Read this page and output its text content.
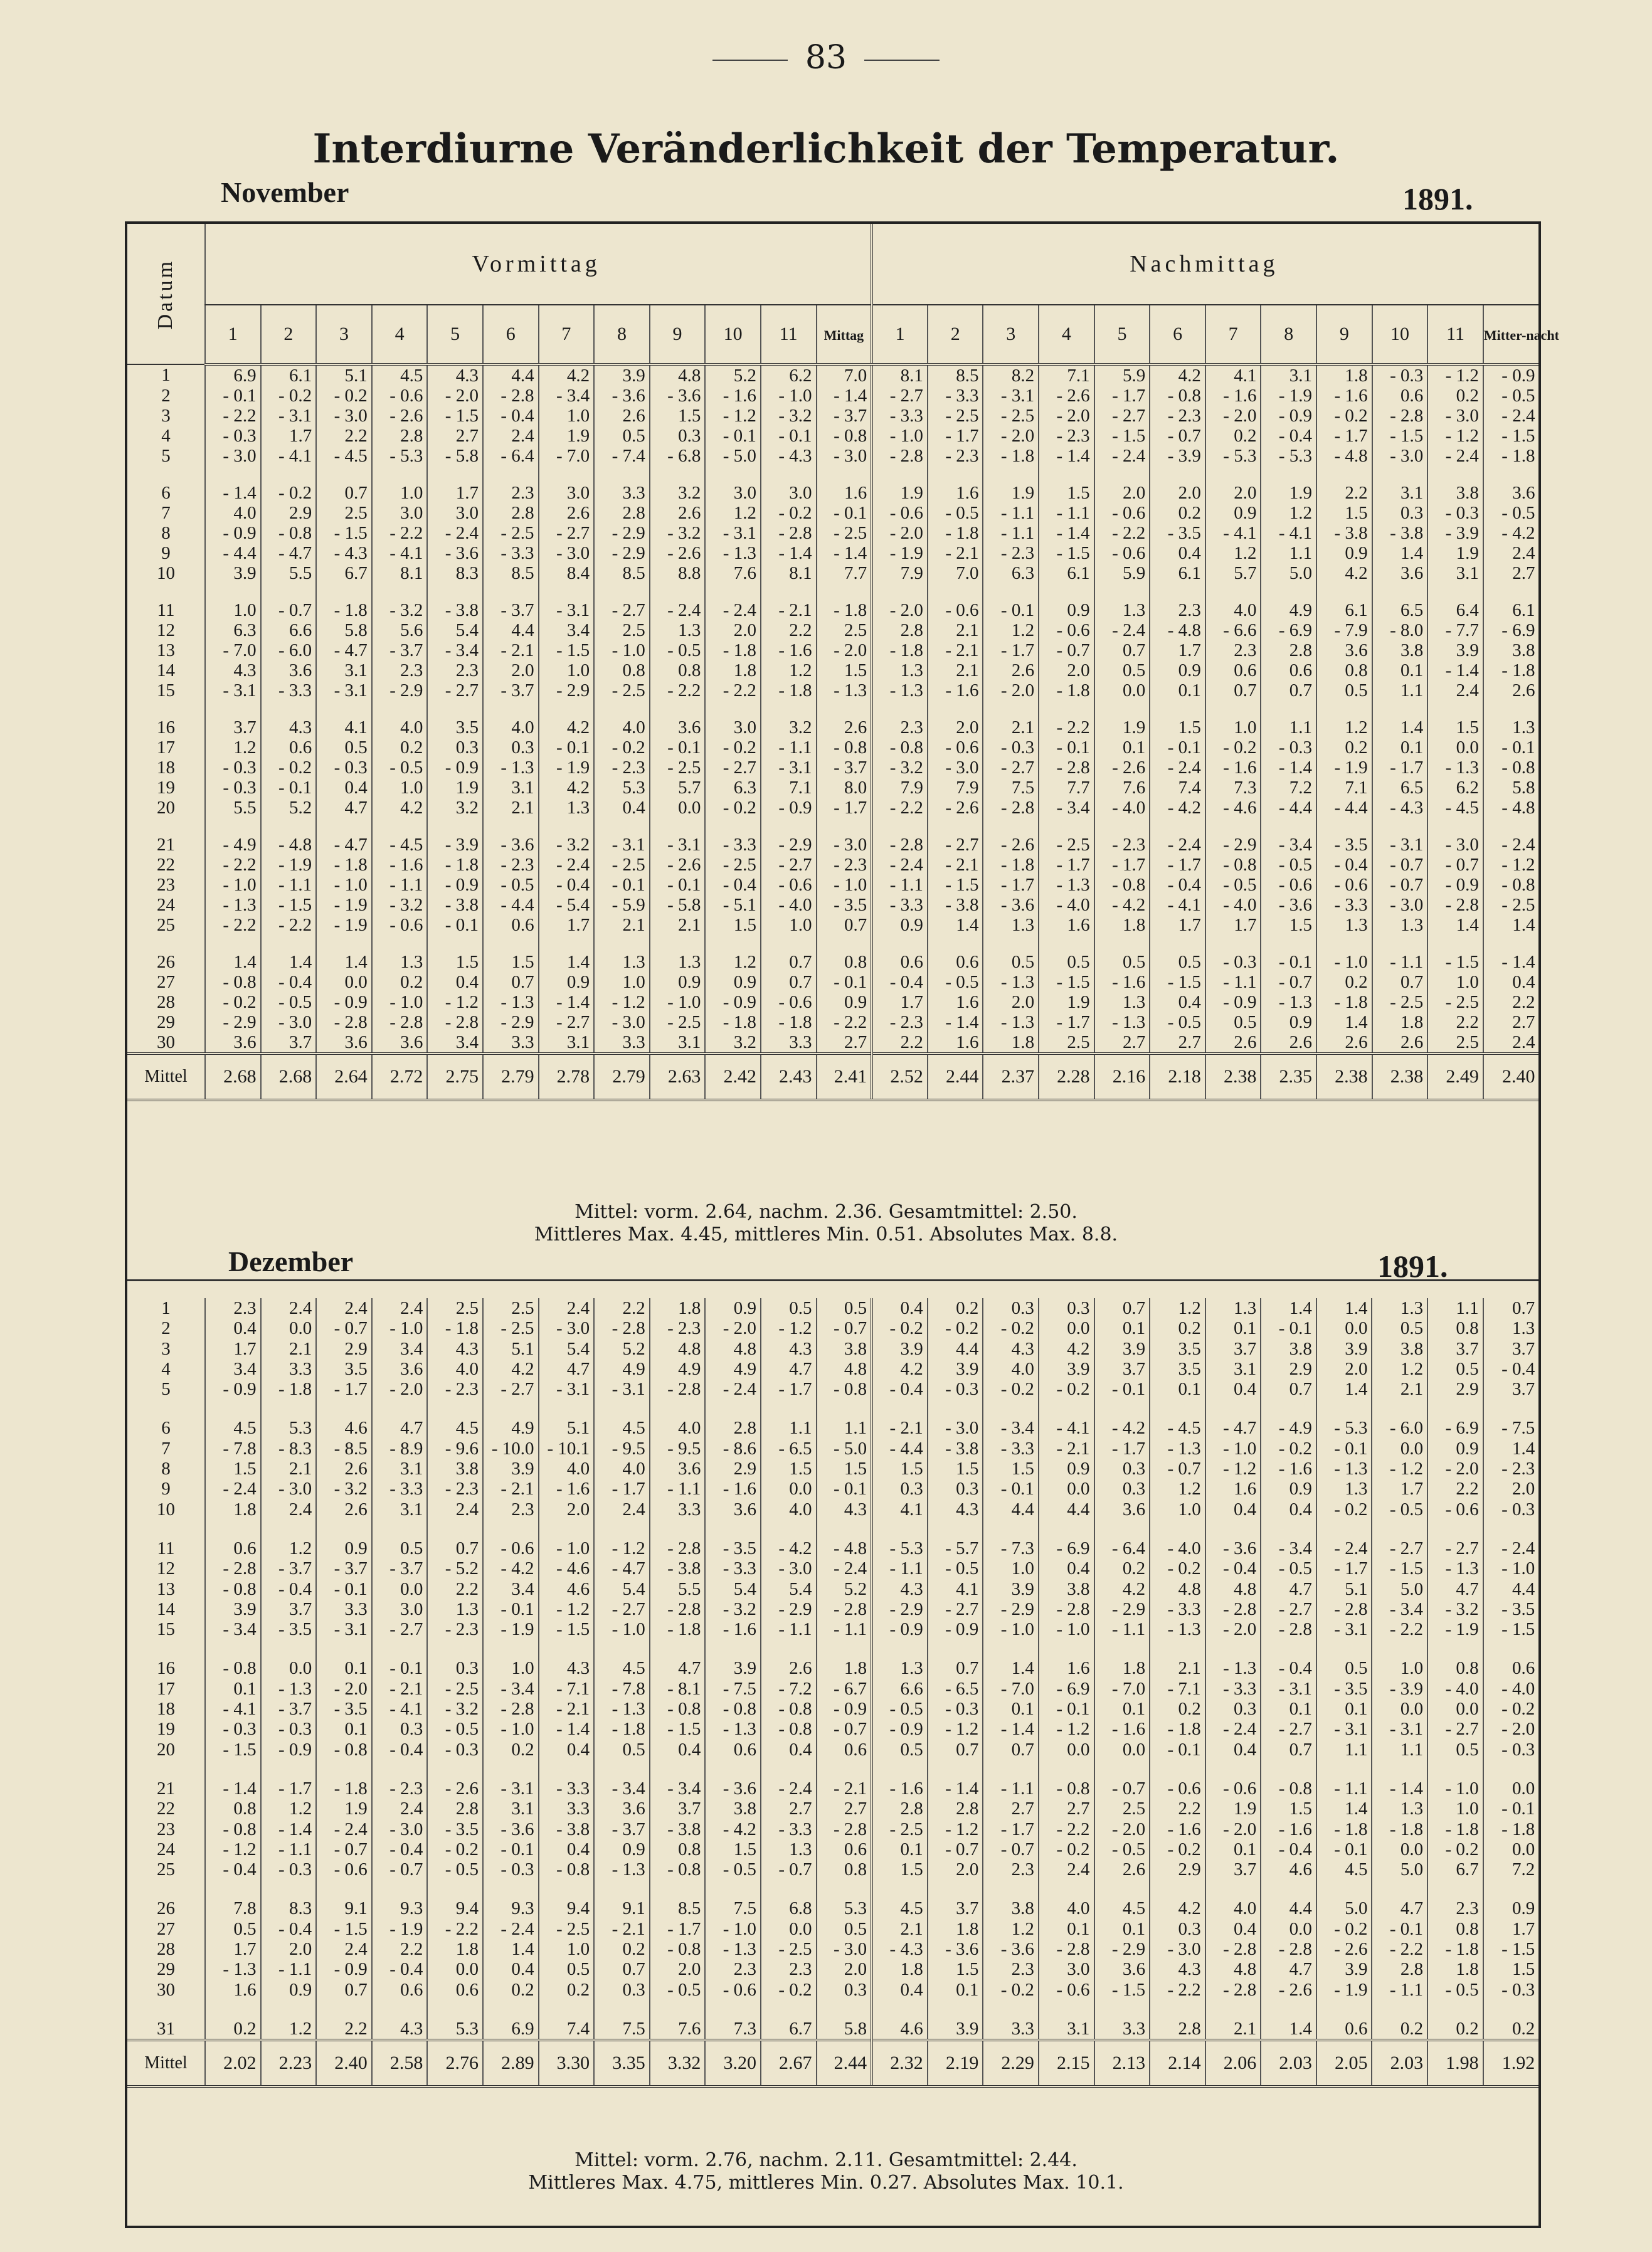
83
Interdiurne Veränderlichkeit der Temperatur.
November	1891.
Datum	Vormittag												Nachmittag											
	1	2	3	4	5	6	7	8	9	10	11	Mittag	1	2	3	4	5	6	7	8	9	10	11	Mitter-nacht
1	6.9	6.1	5.1	4.5	4.3	4.4	4.2	3.9	4.8	5.2	6.2	7.0	8.1	8.5	8.2	7.1	5.9	4.2	4.1	3.1	1.8	- 0.3	- 1.2	- 0.9
2	- 0.1	- 0.2	- 0.2	- 0.6	- 2.0	- 2.8	- 3.4	- 3.6	- 3.6	- 1.6	- 1.0	- 1.4	- 2.7	- 3.3	- 3.1	- 2.6	- 1.7	- 0.8	- 1.6	- 1.9	- 1.6	0.6	0.2	- 0.5
3	- 2.2	- 3.1	- 3.0	- 2.6	- 1.5	- 0.4	1.0	2.6	1.5	- 1.2	- 3.2	- 3.7	- 3.3	- 2.5	- 2.5	- 2.0	- 2.7	- 2.3	- 2.0	- 0.9	- 0.2	- 2.8	- 3.0	- 2.4
4	- 0.3	1.7	2.2	2.8	2.7	2.4	1.9	0.5	0.3	- 0.1	- 0.1	- 0.8	- 1.0	- 1.7	- 2.0	- 2.3	- 1.5	- 0.7	0.2	- 0.4	- 1.7	- 1.5	- 1.2	- 1.5
5	- 3.0	- 4.1	- 4.5	- 5.3	- 5.8	- 6.4	- 7.0	- 7.4	- 6.8	- 5.0	- 4.3	- 3.0	- 2.8	- 2.3	- 1.8	- 1.4	- 2.4	- 3.9	- 5.3	- 5.3	- 4.8	- 3.0	- 2.4	- 1.8

6	- 1.4	- 0.2	0.7	1.0	1.7	2.3	3.0	3.3	3.2	3.0	3.0	1.6	1.9	1.6	1.9	1.5	2.0	2.0	2.0	1.9	2.2	3.1	3.8	3.6
7	4.0	2.9	2.5	3.0	3.0	2.8	2.6	2.8	2.6	1.2	- 0.2	- 0.1	- 0.6	- 0.5	- 1.1	- 1.1	- 0.6	0.2	0.9	1.2	1.5	0.3	- 0.3	- 0.5
8	- 0.9	- 0.8	- 1.5	- 2.2	- 2.4	- 2.5	- 2.7	- 2.9	- 3.2	- 3.1	- 2.8	- 2.5	- 2.0	- 1.8	- 1.1	- 1.4	- 2.2	- 3.5	- 4.1	- 4.1	- 3.8	- 3.8	- 3.9	- 4.2
9	- 4.4	- 4.7	- 4.3	- 4.1	- 3.6	- 3.3	- 3.0	- 2.9	- 2.6	- 1.3	- 1.4	- 1.4	- 1.9	- 2.1	- 2.3	- 1.5	- 0.6	0.4	1.2	1.1	0.9	1.4	1.9	2.4
10	3.9	5.5	6.7	8.1	8.3	8.5	8.4	8.5	8.8	7.6	8.1	7.7	7.9	7.0	6.3	6.1	5.9	6.1	5.7	5.0	4.2	3.6	3.1	2.7

11	1.0	- 0.7	- 1.8	- 3.2	- 3.8	- 3.7	- 3.1	- 2.7	- 2.4	- 2.4	- 2.1	- 1.8	- 2.0	- 0.6	- 0.1	0.9	1.3	2.3	4.0	4.9	6.1	6.5	6.4	6.1
12	6.3	6.6	5.8	5.6	5.4	4.4	3.4	2.5	1.3	2.0	2.2	2.5	2.8	2.1	1.2	- 0.6	- 2.4	- 4.8	- 6.6	- 6.9	- 7.9	- 8.0	- 7.7	- 6.9
13	- 7.0	- 6.0	- 4.7	- 3.7	- 3.4	- 2.1	- 1.5	- 1.0	- 0.5	- 1.8	- 1.6	- 2.0	- 1.8	- 2.1	- 1.7	- 0.7	0.7	1.7	2.3	2.8	3.6	3.8	3.9	3.8
14	4.3	3.6	3.1	2.3	2.3	2.0	1.0	0.8	0.8	1.8	1.2	1.5	1.3	2.1	2.6	2.0	0.5	0.9	0.6	0.6	0.8	0.1	- 1.4	- 1.8
15	- 3.1	- 3.3	- 3.1	- 2.9	- 2.7	- 3.7	- 2.9	- 2.5	- 2.2	- 2.2	- 1.8	- 1.3	- 1.3	- 1.6	- 2.0	- 1.8	0.0	0.1	0.7	0.7	0.5	1.1	2.4	2.6

16	3.7	4.3	4.1	4.0	3.5	4.0	4.2	4.0	3.6	3.0	3.2	2.6	2.3	2.0	2.1	- 2.2	1.9	1.5	1.0	1.1	1.2	1.4	1.5	1.3
17	1.2	0.6	0.5	0.2	0.3	0.3	- 0.1	- 0.2	- 0.1	- 0.2	- 1.1	- 0.8	- 0.8	- 0.6	- 0.3	- 0.1	0.1	- 0.1	- 0.2	- 0.3	0.2	0.1	0.0	- 0.1
18	- 0.3	- 0.2	- 0.3	- 0.5	- 0.9	- 1.3	- 1.9	- 2.3	- 2.5	- 2.7	- 3.1	- 3.7	- 3.2	- 3.0	- 2.7	- 2.8	- 2.6	- 2.4	- 1.6	- 1.4	- 1.9	- 1.7	- 1.3	- 0.8
19	- 0.3	- 0.1	0.4	1.0	1.9	3.1	4.2	5.3	5.7	6.3	7.1	8.0	7.9	7.9	7.5	7.7	7.6	7.4	7.3	7.2	7.1	6.5	6.2	5.8
20	5.5	5.2	4.7	4.2	3.2	2.1	1.3	0.4	0.0	- 0.2	- 0.9	- 1.7	- 2.2	- 2.6	- 2.8	- 3.4	- 4.0	- 4.2	- 4.6	- 4.4	- 4.4	- 4.3	- 4.5	- 4.8

21	- 4.9	- 4.8	- 4.7	- 4.5	- 3.9	- 3.6	- 3.2	- 3.1	- 3.1	- 3.3	- 2.9	- 3.0	- 2.8	- 2.7	- 2.6	- 2.5	- 2.3	- 2.4	- 2.9	- 3.4	- 3.5	- 3.1	- 3.0	- 2.4
22	- 2.2	- 1.9	- 1.8	- 1.6	- 1.8	- 2.3	- 2.4	- 2.5	- 2.6	- 2.5	- 2.7	- 2.3	- 2.4	- 2.1	- 1.8	- 1.7	- 1.7	- 1.7	- 0.8	- 0.5	- 0.4	- 0.7	- 0.7	- 1.2
23	- 1.0	- 1.1	- 1.0	- 1.1	- 0.9	- 0.5	- 0.4	- 0.1	- 0.1	- 0.4	- 0.6	- 1.0	- 1.1	- 1.5	- 1.7	- 1.3	- 0.8	- 0.4	- 0.5	- 0.6	- 0.6	- 0.7	- 0.9	- 0.8
24	- 1.3	- 1.5	- 1.9	- 3.2	- 3.8	- 4.4	- 5.4	- 5.9	- 5.8	- 5.1	- 4.0	- 3.5	- 3.3	- 3.8	- 3.6	- 4.0	- 4.2	- 4.1	- 4.0	- 3.6	- 3.3	- 3.0	- 2.8	- 2.5
25	- 2.2	- 2.2	- 1.9	- 0.6	- 0.1	0.6	1.7	2.1	2.1	1.5	1.0	0.7	0.9	1.4	1.3	1.6	1.8	1.7	1.7	1.5	1.3	1.3	1.4	1.4

26	1.4	1.4	1.4	1.3	1.5	1.5	1.4	1.3	1.3	1.2	0.7	0.8	0.6	0.6	0.5	0.5	0.5	0.5	- 0.3	- 0.1	- 1.0	- 1.1	- 1.5	- 1.4
27	- 0.8	- 0.4	0.0	0.2	0.4	0.7	0.9	1.0	0.9	0.9	0.7	- 0.1	- 0.4	- 0.5	- 1.3	- 1.5	- 1.6	- 1.5	- 1.1	- 0.7	0.2	0.7	1.0	0.4
28	- 0.2	- 0.5	- 0.9	- 1.0	- 1.2	- 1.3	- 1.4	- 1.2	- 1.0	- 0.9	- 0.6	0.9	1.7	1.6	2.0	1.9	1.3	0.4	- 0.9	- 1.3	- 1.8	- 2.5	- 2.5	2.2
29	- 2.9	- 3.0	- 2.8	- 2.8	- 2.8	- 2.9	- 2.7	- 3.0	- 2.5	- 1.8	- 1.8	- 2.2	- 2.3	- 1.4	- 1.3	- 1.7	- 1.3	- 0.5	0.5	0.9	1.4	1.8	2.2	2.7
30	3.6	3.7	3.6	3.6	3.4	3.3	3.1	3.3	3.1	3.2	3.3	2.7	2.2	1.6	1.8	2.5	2.7	2.7	2.6	2.6	2.6	2.6	2.5	2.4
Mittel	2.68	2.68	2.64	2.72	2.75	2.79	2.78	2.79	2.63	2.42	2.43	2.41	2.52	2.44	2.37	2.28	2.16	2.18	2.38	2.35	2.38	2.38	2.49	2.40
Mittel: vorm. 2.64, nachm. 2.36. Gesamtmittel: 2.50.
Mittleres Max. 4.45, mittleres Min. 0.51. Absolutes Max. 8.8.
Dezember	1891.
1	2.3	2.4	2.4	2.4	2.5	2.5	2.4	2.2	1.8	0.9	0.5	0.5	0.4	0.2	0.3	0.3	0.7	1.2	1.3	1.4	1.4	1.3	1.1	0.7
2	0.4	0.0	- 0.7	- 1.0	- 1.8	- 2.5	- 3.0	- 2.8	- 2.3	- 2.0	- 1.2	- 0.7	- 0.2	- 0.2	- 0.2	0.0	0.1	0.2	0.1	- 0.1	0.0	0.5	0.8	1.3
3	1.7	2.1	2.9	3.4	4.3	5.1	5.4	5.2	4.8	4.8	4.3	3.8	3.9	4.4	4.3	4.2	3.9	3.5	3.7	3.8	3.9	3.8	3.7	3.7
4	3.4	3.3	3.5	3.6	4.0	4.2	4.7	4.9	4.9	4.9	4.7	4.8	4.2	3.9	4.0	3.9	3.7	3.5	3.1	2.9	2.0	1.2	0.5	- 0.4
5	- 0.9	- 1.8	- 1.7	- 2.0	- 2.3	- 2.7	- 3.1	- 3.1	- 2.8	- 2.4	- 1.7	- 0.8	- 0.4	- 0.3	- 0.2	- 0.2	- 0.1	0.1	0.4	0.7	1.4	2.1	2.9	3.7

6	4.5	5.3	4.6	4.7	4.5	4.9	5.1	4.5	4.0	2.8	1.1	1.1	- 2.1	- 3.0	- 3.4	- 4.1	- 4.2	- 4.5	- 4.7	- 4.9	- 5.3	- 6.0	- 6.9	- 7.5
7	- 7.8	- 8.3	- 8.5	- 8.9	- 9.6	- 10.0	- 10.1	- 9.5	- 9.5	- 8.6	- 6.5	- 5.0	- 4.4	- 3.8	- 3.3	- 2.1	- 1.7	- 1.3	- 1.0	- 0.2	- 0.1	0.0	0.9	1.4
8	1.5	2.1	2.6	3.1	3.8	3.9	4.0	4.0	3.6	2.9	1.5	1.5	1.5	1.5	1.5	0.9	0.3	- 0.7	- 1.2	- 1.6	- 1.3	- 1.2	- 2.0	- 2.3
9	- 2.4	- 3.0	- 3.2	- 3.3	- 2.3	- 2.1	- 1.6	- 1.7	- 1.1	- 1.6	0.0	- 0.1	0.3	0.3	- 0.1	0.0	0.3	1.2	1.6	0.9	1.3	1.7	2.2	2.0
10	1.8	2.4	2.6	3.1	2.4	2.3	2.0	2.4	3.3	3.6	4.0	4.3	4.1	4.3	4.4	4.4	3.6	1.0	0.4	0.4	- 0.2	- 0.5	- 0.6	- 0.3

11	0.6	1.2	0.9	0.5	0.7	- 0.6	- 1.0	- 1.2	- 2.8	- 3.5	- 4.2	- 4.8	- 5.3	- 5.7	- 7.3	- 6.9	- 6.4	- 4.0	- 3.6	- 3.4	- 2.4	- 2.7	- 2.7	- 2.4
12	- 2.8	- 3.7	- 3.7	- 3.7	- 5.2	- 4.2	- 4.6	- 4.7	- 3.8	- 3.3	- 3.0	- 2.4	- 1.1	- 0.5	1.0	0.4	0.2	- 0.2	- 0.4	- 0.5	- 1.7	- 1.5	- 1.3	- 1.0
13	- 0.8	- 0.4	- 0.1	0.0	2.2	3.4	4.6	5.4	5.5	5.4	5.4	5.2	4.3	4.1	3.9	3.8	4.2	4.8	4.8	4.7	5.1	5.0	4.7	4.4
14	3.9	3.7	3.3	3.0	1.3	- 0.1	- 1.2	- 2.7	- 2.8	- 3.2	- 2.9	- 2.8	- 2.9	- 2.7	- 2.9	- 2.8	- 2.9	- 3.3	- 2.8	- 2.7	- 2.8	- 3.4	- 3.2	- 3.5
15	- 3.4	- 3.5	- 3.1	- 2.7	- 2.3	- 1.9	- 1.5	- 1.0	- 1.8	- 1.6	- 1.1	- 1.1	- 0.9	- 0.9	- 1.0	- 1.0	- 1.1	- 1.3	- 2.0	- 2.8	- 3.1	- 2.2	- 1.9	- 1.5

16	- 0.8	0.0	0.1	- 0.1	0.3	1.0	4.3	4.5	4.7	3.9	2.6	1.8	1.3	0.7	1.4	1.6	1.8	2.1	- 1.3	- 0.4	0.5	1.0	0.8	0.6
17	0.1	- 1.3	- 2.0	- 2.1	- 2.5	- 3.4	- 7.1	- 7.8	- 8.1	- 7.5	- 7.2	- 6.7	6.6	- 6.5	- 7.0	- 6.9	- 7.0	- 7.1	- 3.3	- 3.1	- 3.5	- 3.9	- 4.0	- 4.0
18	- 4.1	- 3.7	- 3.5	- 4.1	- 3.2	- 2.8	- 2.1	- 1.3	- 0.8	- 0.8	- 0.8	- 0.9	- 0.5	- 0.3	0.1	- 0.1	0.1	0.2	0.3	0.1	0.1	0.0	0.0	- 0.2
19	- 0.3	- 0.3	0.1	0.3	- 0.5	- 1.0	- 1.4	- 1.8	- 1.5	- 1.3	- 0.8	- 0.7	- 0.9	- 1.2	- 1.4	- 1.2	- 1.6	- 1.8	- 2.4	- 2.7	- 3.1	- 3.1	- 2.7	- 2.0
20	- 1.5	- 0.9	- 0.8	- 0.4	- 0.3	0.2	0.4	0.5	0.4	0.6	0.4	0.6	0.5	0.7	0.7	0.0	0.0	- 0.1	0.4	0.7	1.1	1.1	0.5	- 0.3

21	- 1.4	- 1.7	- 1.8	- 2.3	- 2.6	- 3.1	- 3.3	- 3.4	- 3.4	- 3.6	- 2.4	- 2.1	- 1.6	- 1.4	- 1.1	- 0.8	- 0.7	- 0.6	- 0.6	- 0.8	- 1.1	- 1.4	- 1.0	0.0
22	0.8	1.2	1.9	2.4	2.8	3.1	3.3	3.6	3.7	3.8	2.7	2.7	2.8	2.8	2.7	2.7	2.5	2.2	1.9	1.5	1.4	1.3	1.0	- 0.1
23	- 0.8	- 1.4	- 2.4	- 3.0	- 3.5	- 3.6	- 3.8	- 3.7	- 3.8	- 4.2	- 3.3	- 2.8	- 2.5	- 1.2	- 1.7	- 2.2	- 2.0	- 1.6	- 2.0	- 1.6	- 1.8	- 1.8	- 1.8	- 1.8
24	- 1.2	- 1.1	- 0.7	- 0.4	- 0.2	- 0.1	0.4	0.9	0.8	1.5	1.3	0.6	0.1	- 0.7	- 0.7	- 0.2	- 0.5	- 0.2	0.1	- 0.4	- 0.1	0.0	- 0.2	0.0
25	- 0.4	- 0.3	- 0.6	- 0.7	- 0.5	- 0.3	- 0.8	- 1.3	- 0.8	- 0.5	- 0.7	0.8	1.5	2.0	2.3	2.4	2.6	2.9	3.7	4.6	4.5	5.0	6.7	7.2

26	7.8	8.3	9.1	9.3	9.4	9.3	9.4	9.1	8.5	7.5	6.8	5.3	4.5	3.7	3.8	4.0	4.5	4.2	4.0	4.4	5.0	4.7	2.3	0.9
27	0.5	- 0.4	- 1.5	- 1.9	- 2.2	- 2.4	- 2.5	- 2.1	- 1.7	- 1.0	0.0	0.5	2.1	1.8	1.2	0.1	0.1	0.3	0.4	0.0	- 0.2	- 0.1	0.8	1.7
28	1.7	2.0	2.4	2.2	1.8	1.4	1.0	0.2	- 0.8	- 1.3	- 2.5	- 3.0	- 4.3	- 3.6	- 3.6	- 2.8	- 2.9	- 3.0	- 2.8	- 2.8	- 2.6	- 2.2	- 1.8	- 1.5
29	- 1.3	- 1.1	- 0.9	- 0.4	0.0	0.4	0.5	0.7	2.0	2.3	2.3	2.0	1.8	1.5	2.3	3.0	3.6	4.3	4.8	4.7	3.9	2.8	1.8	1.5
30	1.6	0.9	0.7	0.6	0.6	0.2	0.2	0.3	- 0.5	- 0.6	- 0.2	0.3	0.4	0.1	- 0.2	- 0.6	- 1.5	- 2.2	- 2.8	- 2.6	- 1.9	- 1.1	- 0.5	- 0.3

31	0.2	1.2	2.2	4.3	5.3	6.9	7.4	7.5	7.6	7.3	6.7	5.8	4.6	3.9	3.3	3.1	3.3	2.8	2.1	1.4	0.6	0.2	0.2	0.2
Mittel	2.02	2.23	2.40	2.58	2.76	2.89	3.30	3.35	3.32	3.20	2.67	2.44	2.32	2.19	2.29	2.15	2.13	2.14	2.06	2.03	2.05	2.03	1.98	1.92
Mittel: vorm. 2.76, nachm. 2.11. Gesamtmittel: 2.44.
Mittleres Max. 4.75, mittleres Min. 0.27. Absolutes Max. 10.1.
